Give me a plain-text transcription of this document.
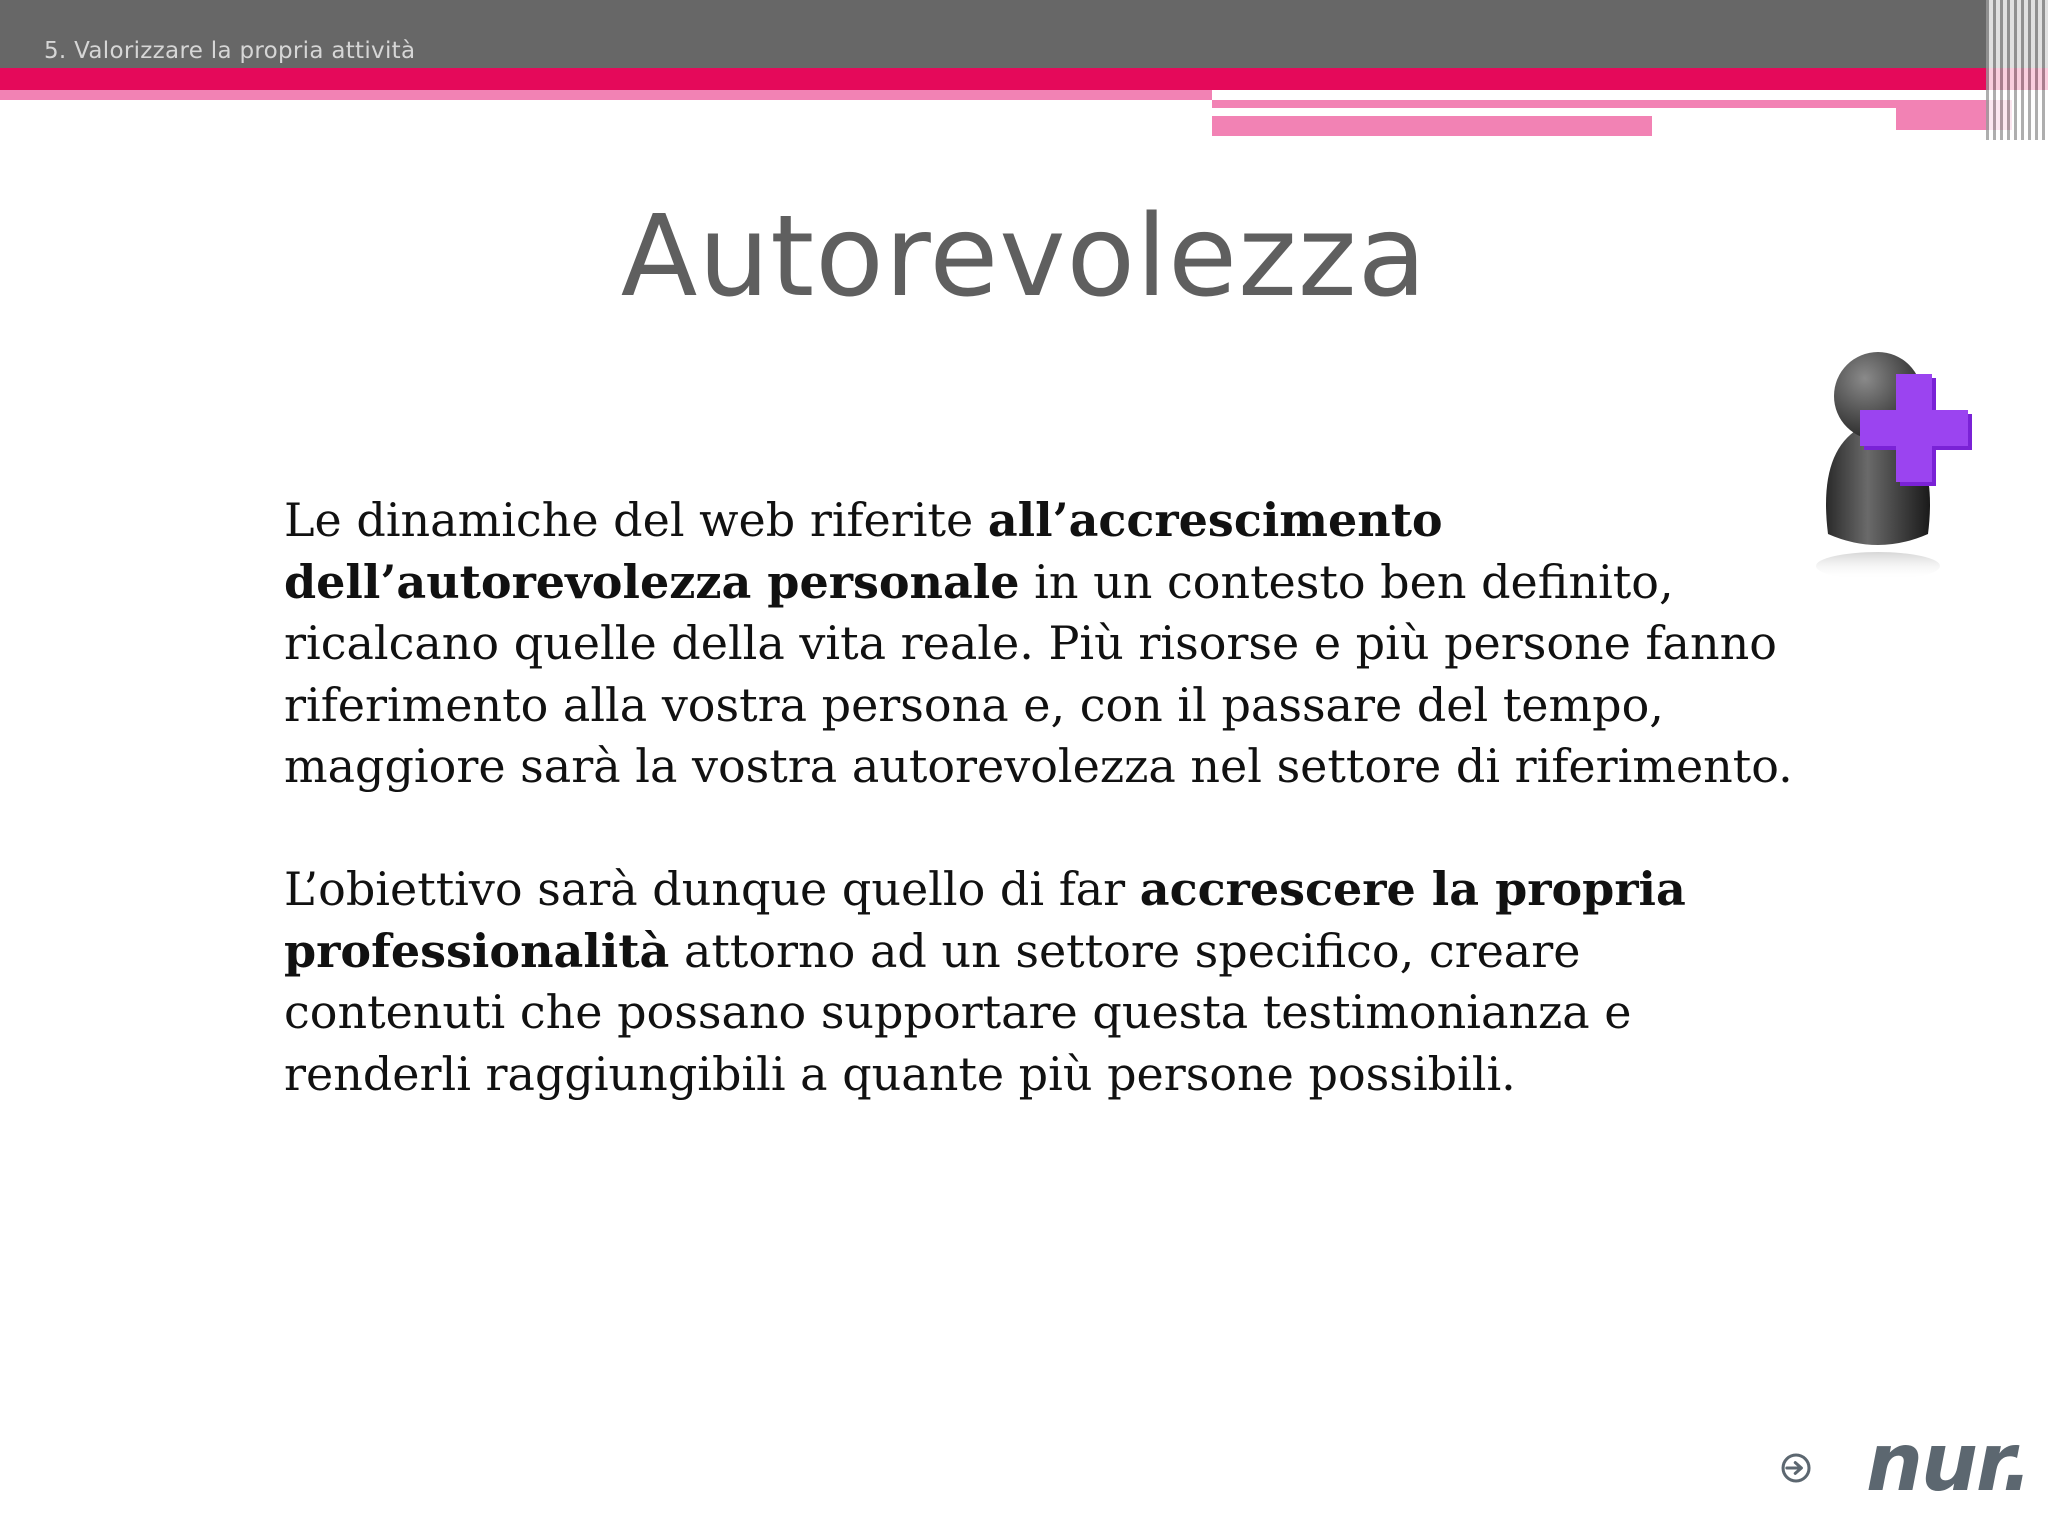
5. Valorizzare la propria attività
Autorevolezza

Le dinamiche del web riferite all’accrescimento dell’autorevolezza personale in un contesto ben definito, ricalcano quelle della vita reale. Più risorse e più persone fanno riferimento alla vostra persona e, con il passare del tempo, maggiore sarà la vostra autorevolezza nel settore di riferimento.

L’obiettivo sarà dunque quello di far accrescere la propria professionalità attorno ad un settore specifico, creare contenuti che possano supportare questa testimonianza e renderli raggiungibili a quante più persone possibili.

nur.
